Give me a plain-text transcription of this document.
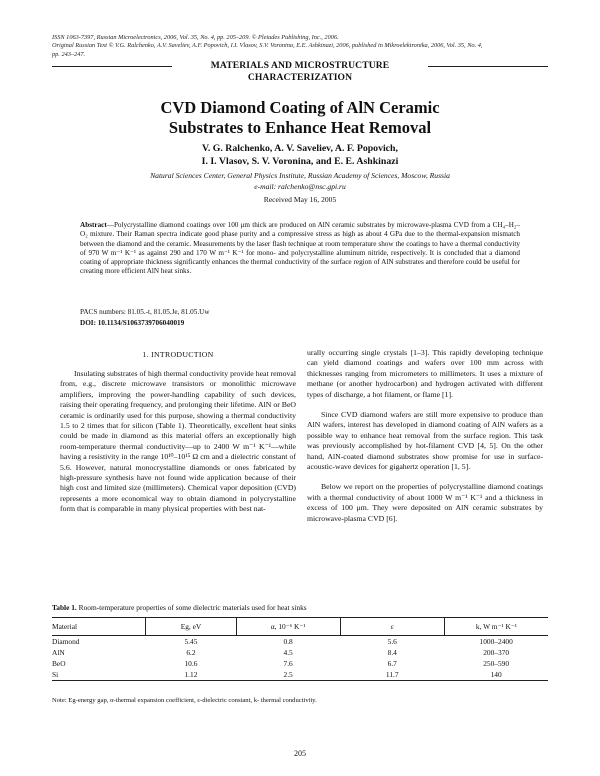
ISSN 1063-7397, Russian Microelectronics, 2006, Vol. 35, No. 4, pp. 205–209. © Pleiades Publishing, Inc., 2006.
Original Russian Text © V.G. Ralchenko, A.V. Saveliev, A.F. Popovich, I.I. Vlasov, S.V. Voronina, E.E. Ashkinazi, 2006, published in Mikroelektronika, 2006, Vol. 35, No. 4,
pp. 243–247.
MATERIALS AND MICROSTRUCTURE
CHARACTERIZATION
CVD Diamond Coating of AlN Ceramic
Substrates to Enhance Heat Removal
V. G. Ralchenko, A. V. Saveliev, A. F. Popovich,
I. I. Vlasov, S. V. Voronina, and E. E. Ashkinazi
Natural Sciences Center, General Physics Institute, Russian Academy of Sciences, Moscow, Russia
e-mail: ralchenko@nsc.gpi.ru
Received May 16, 2005
Abstract—Polycrystalline diamond coatings over 100 μm thick are produced on AlN ceramic substrates by microwave-plasma CVD from a CH₄–H₂–O₂ mixture. Their Raman spectra indicate good phase purity and a compressive stress as high as about 4 GPa due to the thermal-expansion mismatch between the diamond and the ceramic. Measurements by the laser flash technique at room temperature show the coatings to have a thermal conductivity of 970 W m⁻¹ K⁻¹ as against 290 and 170 W m⁻¹ K⁻¹ for mono- and polycrystalline aluminum nitride, respectively. It is concluded that a diamond coating of appropriate thickness significantly enhances the thermal conductivity of the surface region of AlN substrates and therefore could be useful for creating more efficient AlN heat sinks.
PACS numbers: 81.05.-t, 81.05.Je, 81.05.Uw
DOI: 10.1134/S1063739706040019
1. INTRODUCTION

Insulating substrates of high thermal conductivity provide heat removal from, e.g., discrete microwave transistors or monolithic microwave amplifiers, improving the power-handling capability of such devices, raising their operating frequency, and prolonging their lifetime. AlN or BeO ceramic is ordinarily used for this purpose, showing a thermal conductivity 1.5 to 2 times that for silicon (Table 1). Theoretically, excellent heat sinks could be made in diamond as this material offers an exceptionally high room-temperature thermal conductivity—up to 2400 W m⁻¹ K⁻¹—while having a resistivity in the range 10¹⁰–10¹⁵ Ω cm and a dielectric constant of 5.6. However, natural monocrystalline diamonds or ones fabricated by high-pressure synthesis have not found wide application because of their high cost and limited size (millimeters). Chemical vapor deposition (CVD) represents a more economical way to obtain diamond in polycrystalline form that is comparable in many physical properties with best nat-

urally occurring single crystals [1–3]. This rapidly developing technique can yield diamond coatings and wafers over 100 mm across with thicknesses ranging from micrometers to millimeters. It uses a mixture of methane (or another hydrocarbon) and hydrogen activated with different types of discharge, a hot filament, or flame [1].

Since CVD diamond wafers are still more expensive to produce than AlN wafers, interest has developed in diamond coating of AlN wafers as a possible way to enhance heat removal from the surface region. This task was previously accomplished by hot-filament CVD [4, 5]. On the other hand, AlN-coated diamond substrates show promise for use in surface-acoustic-wave devices for gigahertz operation [1, 5].

Below we report on the properties of polycrystalline diamond coatings with a thermal conductivity of about 1000 W m⁻¹ K⁻¹ and a thickness in excess of 100 μm. They were deposited on AlN ceramic substrates by microwave-plasma CVD [6].

Table 1. Room-temperature properties of some dielectric materials used for heat sinks
Material	Eg, eV	α, 10⁻⁶ K⁻¹	ε	k, W m⁻¹ K⁻¹
Diamond	5.45	0.8	5.6	1000–2400
AlN	6.2	4.5	8.4	200–370
BeO	10.6	7.6	6.7	250–590
Si	1.12	2.5	11.7	140
Note: Eg-energy gap, α-thermal expansion coefficient, ε-dielectric constant, k- thermal conductivity.
205
